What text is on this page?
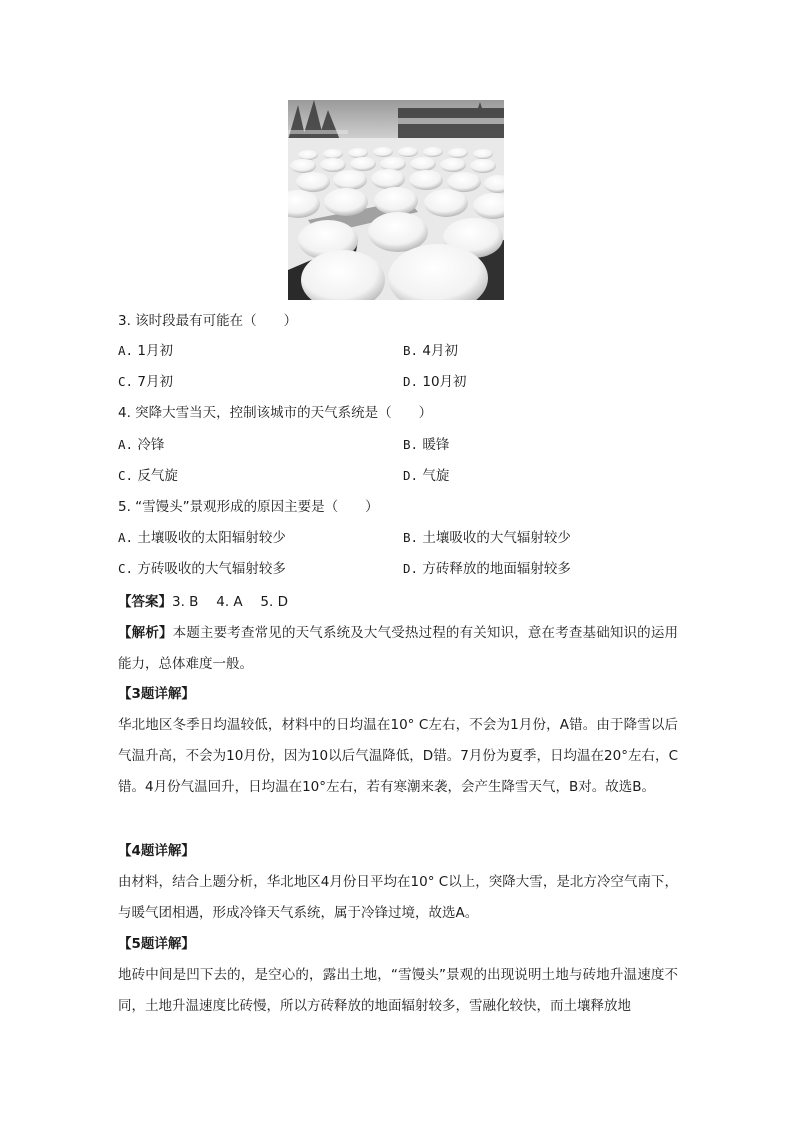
3. 该时段最有可能在（　　）
A. 1月初	B. 4月初
C. 7月初	D. 10月初
4. 突降大雪当天，控制该城市的天气系统是（　　）
A. 冷锋	B. 暖锋
C. 反气旋	D. 气旋
5. “雪馒头”景观形成的原因主要是（　　）
A. 土壤吸收的太阳辐射较少	B. 土壤吸收的大气辐射较少
C. 方砖吸收的大气辐射较多	D. 方砖释放的地面辐射较多
【答案】3. B　 4. A　 5. D
【解析】本题主要考查常见的天气系统及大气受热过程的有关知识，意在考查基础知识的运用能力，总体难度一般。
【3题详解】
华北地区冬季日均温较低，材料中的日均温在10° C左右，不会为1月份，A错。由于降雪以后气温升高，不会为10月份，因为10以后气温降低，D错。7月份为夏季，日均温在20°左右，C错。4月份气温回升，日均温在10°左右，若有寒潮来袭，会产生降雪天气，B对。故选B。
【4题详解】
由材料，结合上题分析，华北地区4月份日平均在10° C以上，突降大雪，是北方冷空气南下，与暖气团相遇，形成冷锋天气系统，属于冷锋过境，故选A。
【5题详解】
地砖中间是凹下去的，是空心的，露出土地，“雪馒头”景观的出现说明土地与砖地升温速度不同，土地升温速度比砖慢，所以方砖释放的地面辐射较多，雪融化较快，而土壤释放地
